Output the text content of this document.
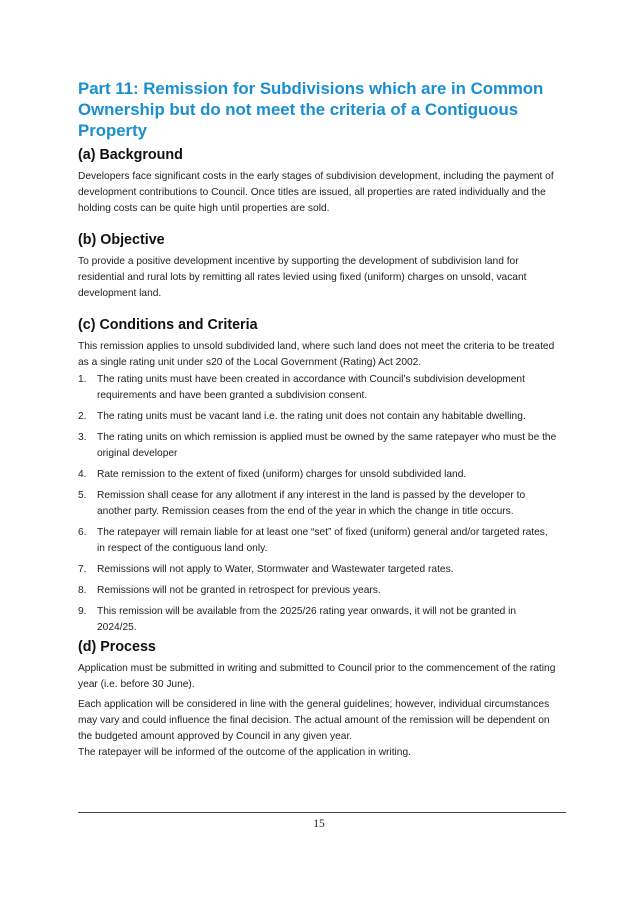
Part 11: Remission for Subdivisions which are in Common Ownership but do not meet the criteria of a Contiguous Property
(a) Background

Developers face significant costs in the early stages of subdivision development, including the payment of development contributions to Council. Once titles are issued, all properties are rated individually and the holding costs can be quite high until properties are sold.

(b) Objective

To provide a positive development incentive by supporting the development of subdivision land for residential and rural lots by remitting all rates levied using fixed (uniform) charges on unsold, vacant development land.

(c) Conditions and Criteria

This remission applies to unsold subdivided land, where such land does not meet the criteria to be treated as a single rating unit under s20 of the Local Government (Rating) Act 2002.

1. The rating units must have been created in accordance with Council’s subdivision development requirements and have been granted a subdivision consent.
2. The rating units must be vacant land i.e. the rating unit does not contain any habitable dwelling.
3. The rating units on which remission is applied must be owned by the same ratepayer who must be the original developer
4. Rate remission to the extent of fixed (uniform) charges for unsold subdivided land.
5. Remission shall cease for any allotment if any interest in the land is passed by the developer to another party. Remission ceases from the end of the year in which the change in title occurs.
6. The ratepayer will remain liable for at least one “set” of fixed (uniform) general and/or targeted rates, in respect of the contiguous land only.
7. Remissions will not apply to Water, Stormwater and Wastewater targeted rates.
8. Remissions will not be granted in retrospect for previous years.
9. This remission will be available from the 2025/26 rating year onwards, it will not be granted in 2024/25.
(d) Process

Application must be submitted in writing and submitted to Council prior to the commencement of the rating year (i.e. before 30 June).

Each application will be considered in line with the general guidelines; however, individual circumstances may vary and could influence the final decision. The actual amount of the remission will be dependent on the budgeted amount approved by Council in any given year.

The ratepayer will be informed of the outcome of the application in writing.

15
